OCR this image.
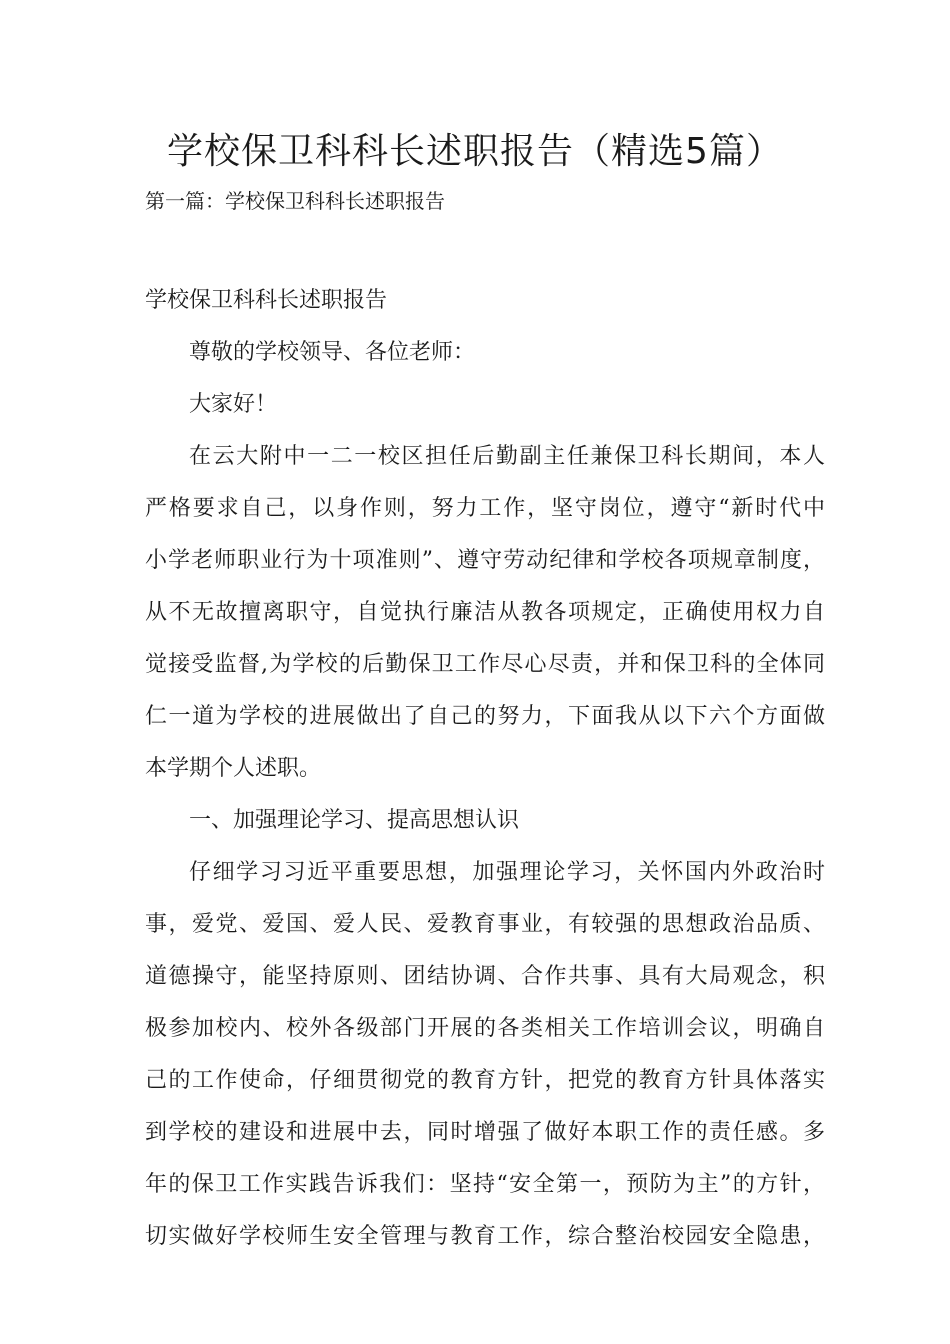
学校保卫科科长述职报告（精选5篇）

第一篇：学校保卫科科长述职报告

学校保卫科科长述职报告

尊敬的学校领导、各位老师：

大家好！

在云大附中一二一校区担任后勤副主任兼保卫科长期间，本人

严格要求自己，以身作则，努力工作，坚守岗位，遵守“新时代中

小学老师职业行为十项准则”、遵守劳动纪律和学校各项规章制度，

从不无故擅离职守，自觉执行廉洁从教各项规定，正确使用权力自

觉接受监督,为学校的后勤保卫工作尽心尽责，并和保卫科的全体同

仁一道为学校的进展做出了自己的努力，下面我从以下六个方面做

本学期个人述职。

一、加强理论学习、提高思想认识

仔细学习习近平重要思想，加强理论学习，关怀国内外政治时

事，爱党、爱国、爱人民、爱教育事业，有较强的思想政治品质、

道德操守，能坚持原则、团结协调、合作共事、具有大局观念，积

极参加校内、校外各级部门开展的各类相关工作培训会议，明确自

己的工作使命，仔细贯彻党的教育方针，把党的教育方针具体落实

到学校的建设和进展中去，同时增强了做好本职工作的责任感。多

年的保卫工作实践告诉我们：坚持“安全第一，预防为主”的方针，

切实做好学校师生安全管理与教育工作，综合整治校园安全隐患，
